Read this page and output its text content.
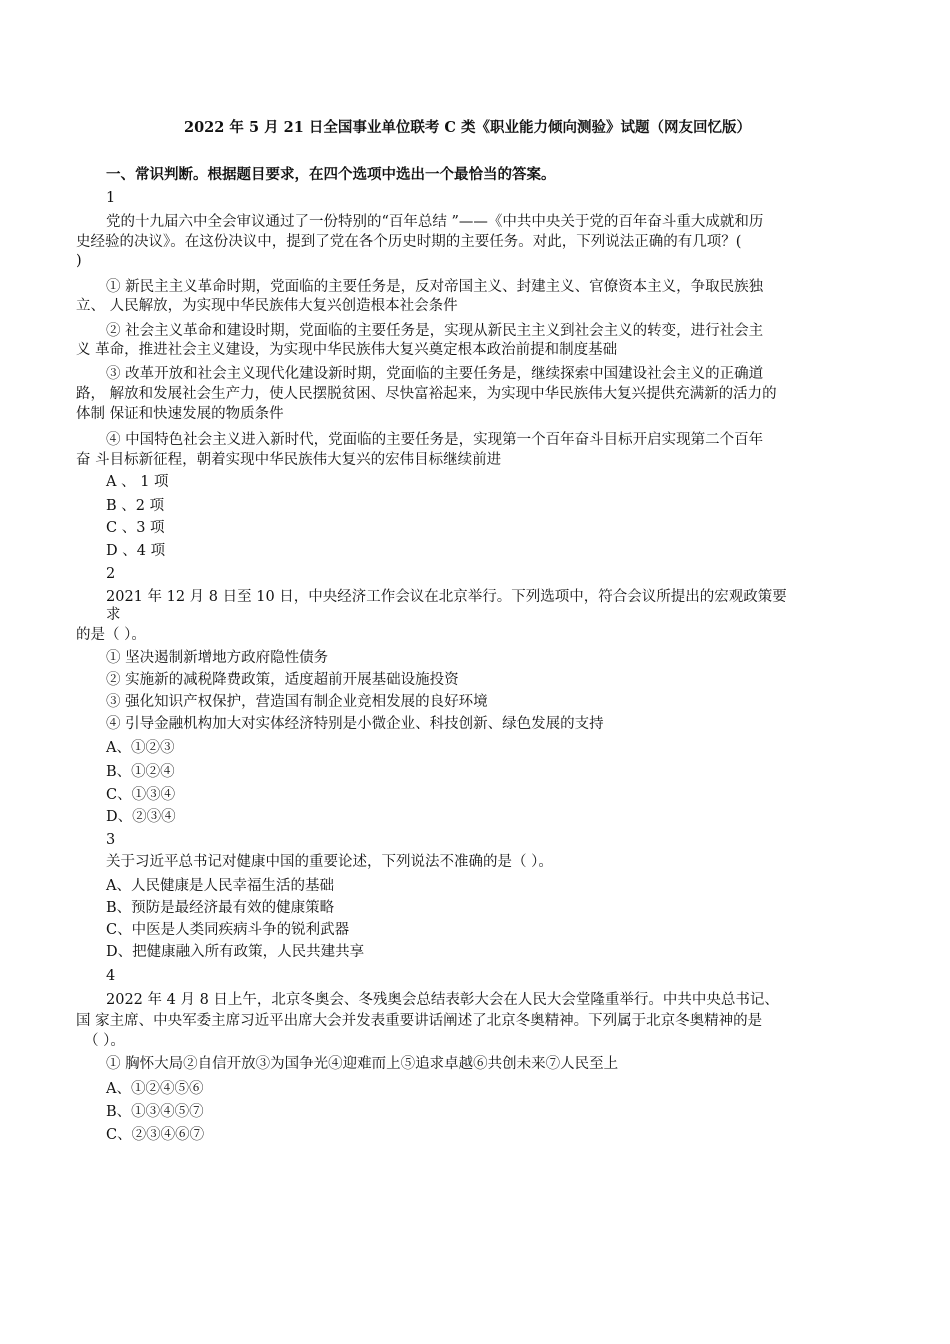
2022 年 5 月 21 日全国事业单位联考 C 类《职业能力倾向测验》试题（网友回忆版）

一、常识判断。根据题目要求，在四个选项中选出一个最恰当的答案。

1

党的十九届六中全会审议通过了一份特别的“百年总结 ”——《中共中央关于党的百年奋斗重大成就和历

史经验的决议》。在这份决议中，提到了党在各个历史时期的主要任务。对此，下列说法正确的有几项？(

)

① 新民主主义革命时期，党面临的主要任务是，反对帝国主义、封建主义、官僚资本主义，争取民族独

立、 人民解放，为实现中华民族伟大复兴创造根本社会条件

② 社会主义革命和建设时期，党面临的主要任务是，实现从新民主主义到社会主义的转变，进行社会主

义 革命，推进社会主义建设，为实现中华民族伟大复兴奠定根本政治前提和制度基础

③ 改革开放和社会主义现代化建设新时期，党面临的主要任务是，继续探索中国建设社会主义的正确道

路， 解放和发展社会生产力，使人民摆脱贫困、尽快富裕起来，为实现中华民族伟大复兴提供充满新的活力的

体制 保证和快速发展的物质条件

④ 中国特色社会主义进入新时代，党面临的主要任务是，实现第一个百年奋斗目标开启实现第二个百年

奋 斗目标新征程，朝着实现中华民族伟大复兴的宏伟目标继续前进

A 、 1 项

B 、2 项

C 、3 项

D 、4 项

2

2021 年 12 月 8 日至 10 日，中央经济工作会议在北京举行。下列选项中，符合会议所提出的宏观政策要

求

的是（ ）。

① 坚决遏制新增地方政府隐性债务

② 实施新的减税降费政策，适度超前开展基础设施投资

③ 强化知识产权保护，营造国有制企业竞相发展的良好环境

④ 引导金融机构加大对实体经济特别是小微企业、科技创新、绿色发展的支持

A、①②③

B、①②④

C、①③④

D、②③④

3

关于习近平总书记对健康中国的重要论述，下列说法不准确的是（ ）。

A、人民健康是人民幸福生活的基础

B、预防是最经济最有效的健康策略

C、中医是人类同疾病斗争的锐利武器

D、把健康融入所有政策，人民共建共享

4

2022 年 4 月 8 日上午，北京冬奥会、冬残奥会总结表彰大会在人民大会堂隆重举行。中共中央总书记、

国 家主席、中央军委主席习近平出席大会并发表重要讲话阐述了北京冬奥精神。下列属于北京冬奥精神的是

（ ）。

① 胸怀大局②自信开放③为国争光④迎难而上⑤追求卓越⑥共创未来⑦人民至上

A、①②④⑤⑥

B、①③④⑤⑦

C、②③④⑥⑦
